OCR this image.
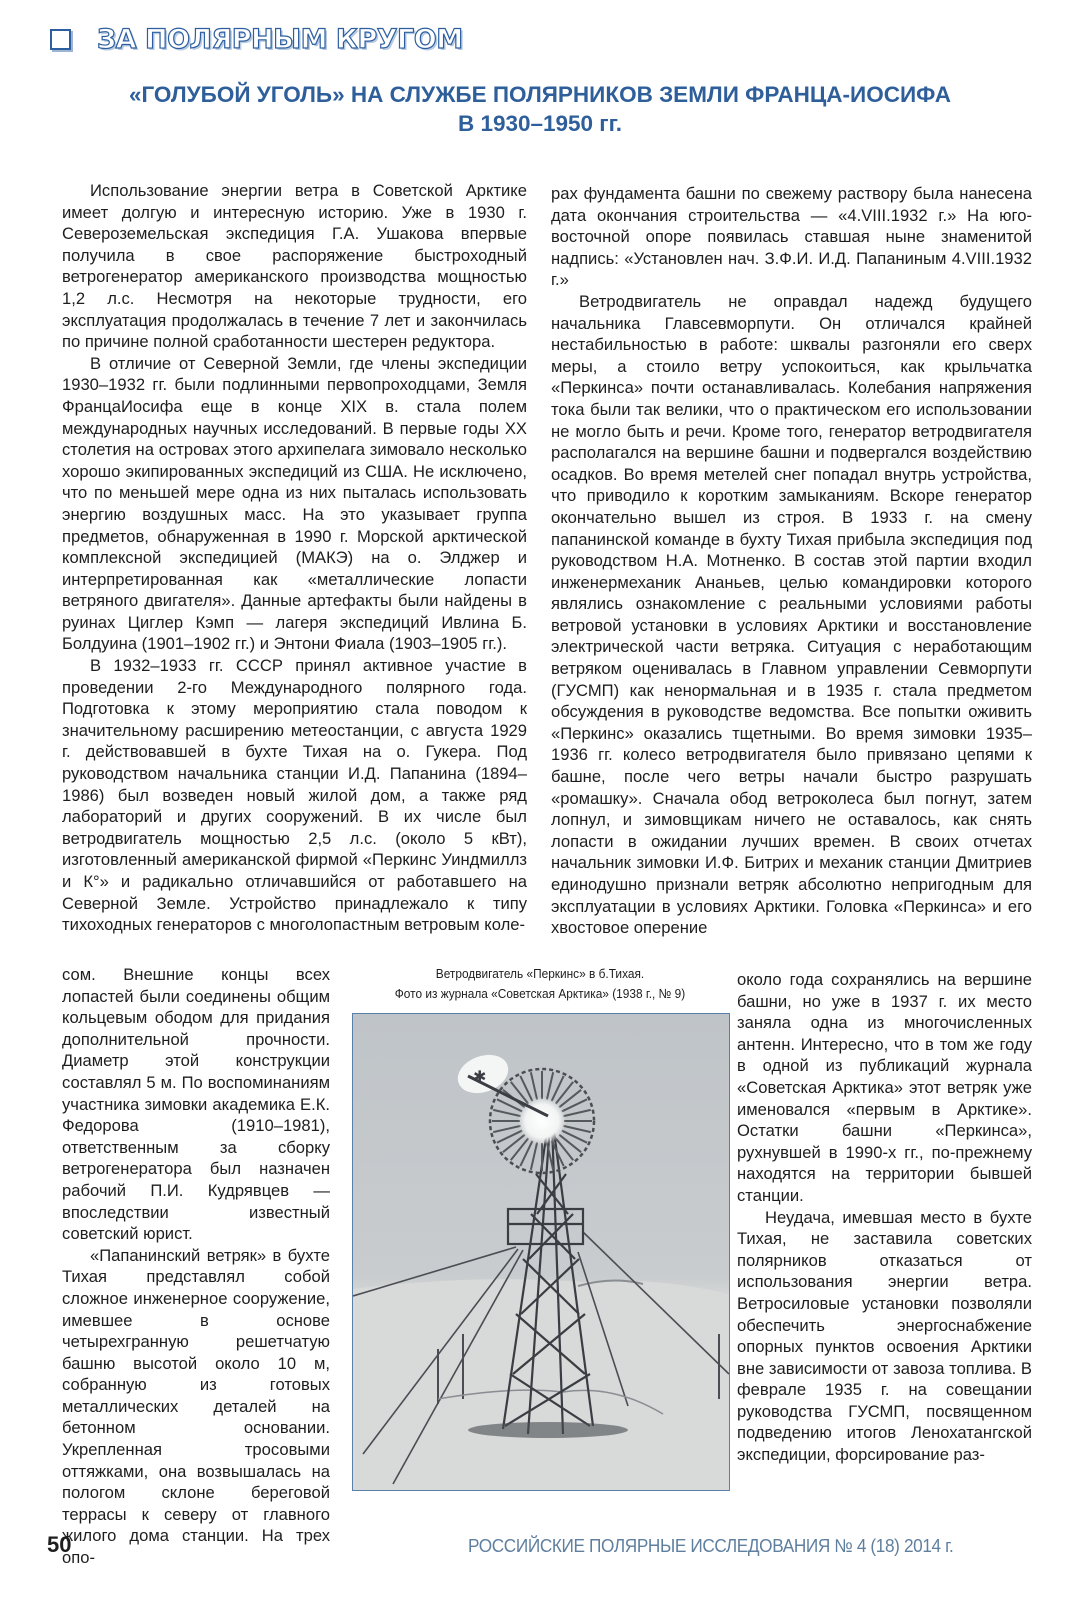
ЗА ПОЛЯРНЫМ КРУГОМ
«ГОЛУБОЙ УГОЛЬ» НА СЛУЖБЕ ПОЛЯРНИКОВ ЗЕМЛИ ФРАНЦА-ИОСИФА
В 1930–1950 гг.

Использование энергии ветра в Советской Арктике имеет долгую и интересную историю. Уже в 1930 г. Североземельская экспедиция Г.А. Ушакова впервые получила в свое распоряжение быстроходный ветрогенератор американского производства мощностью 1,2 л.с. Несмотря на некоторые трудности, его эксплуатация продолжалась в течение 7 лет и закончилась по причине полной сработанности шестерен редуктора.

В отличие от Северной Земли, где члены экспедиции 1930–1932 гг. были подлинными первопроходцами, Земля ФранцаИосифа еще в конце XIX в. стала полем международных научных исследований. В первые годы XX столетия на островах этого архипелага зимовало несколько хорошо экипированных экспедиций из США. Не исключено, что по меньшей мере одна из них пыталась использовать энергию воздушных масс. На это указывает группа предметов, обнаруженная в 1990 г. Морской арктической комплексной экспедицией (МАКЭ) на о. Элджер и интерпретированная как «металлические лопасти ветряного двигателя». Данные артефакты были найдены в руинах Циглер Кэмп — лагеря экспедиций Ивлина Б. Болдуина (1901–1902 гг.) и Энтони Фиала (1903–1905 гг.).

В 1932–1933 гг. СССР принял активное участие в проведении 2-го Международного полярного года. Подготовка к этому мероприятию стала поводом к значительному расширению метеостанции, с августа 1929 г. действовавшей в бухте Тихая на о. Гукера. Под руководством начальника станции И.Д. Папанина (1894–1986) был возведен новый жилой дом, а также ряд лабораторий и других сооружений. В их числе был ветродвигатель мощностью 2,5 л.с. (около 5 кВт), изготовленный американской фирмой «Перкинс Уиндмиллз и К°» и радикально отличавшийся от работавшего на Северной Земле. Устройство принадлежало к типу тихоходных генераторов с многолопастным ветровым коле-

сом. Внешние концы всех лопастей были соединены общим кольцевым ободом для придания дополнительной прочности. Диаметр этой конструкции составлял 5 м. По воспоминаниям участника зимовки академика Е.К. Федорова (1910–1981), ответственным за сборку ветрогенератора был назначен рабочий П.И. Кудрявцев — впоследствии известный советский юрист.

«Папанинский ветряк» в бухте Тихая представлял собой сложное инженерное сооружение, имевшее в основе четырехгранную решетчатую башню высотой около 10 м, собранную из готовых металлических деталей на бетонном основании. Укрепленная тросовыми оттяжками, она возвышалась на пологом склоне береговой террасы к северу от главного жилого дома станции. На трех опо-

рах фундамента башни по свежему раствору была нанесена дата окончания строительства — «4.VIII.1932 г.» На юго-восточной опоре появилась ставшая ныне знаменитой надпись: «Установлен нач. З.Ф.И. И.Д. Папаниным 4.VIII.1932 г.»

Ветродвигатель не оправдал надежд будущего начальника Главсевморпути. Он отличался крайней нестабильностью в работе: шквалы разгоняли его сверх меры, а стоило ветру успокоиться, как крыльчатка «Перкинса» почти останавливалась. Колебания напряжения тока были так велики, что о практическом его использовании не могло быть и речи. Кроме того, генератор ветродвигателя располагался на вершине башни и подвергался воздействию осадков. Во время метелей снег попадал внутрь устройства, что приводило к коротким замыканиям. Вскоре генератор окончательно вышел из строя. В 1933 г. на смену папанинской команде в бухту Тихая прибыла экспедиция под руководством Н.А. Мотненко. В состав этой партии входил инженермеханик Ананьев, целью командировки которого являлись ознакомление с реальными условиями работы ветровой установки в условиях Арктики и восстановление электрической части ветряка. Ситуация с неработающим ветряком оценивалась в Главном управлении Севморпути (ГУСМП) как ненормальная и в 1935 г. стала предметом обсуждения в руководстве ведомства. Все попытки оживить «Перкинс» оказались тщетными. Во время зимовки 1935–1936 гг. колесо ветродвигателя было привязано цепями к башне, после чего ветры начали быстро разрушать «ромашку». Сначала обод ветроколеса был погнут, затем лопнул, и зимовщикам ничего не оставалось, как снять лопасти в ожидании лучших времен. В своих отчетах начальник зимовки И.Ф. Битрих и механик станции Дмитриев единодушно признали ветряк абсолютно непригодным для эксплуатации в условиях Арктики. Головка «Перкинса» и его хвостовое оперение

около года сохранялись на вершине башни, но уже в 1937 г. их место заняла одна из многочисленных антенн. Интересно, что в том же году в одной из публикаций журнала «Советская Арктика» этот ветряк уже именовался «первым в Арктике». Остатки башни «Перкинса», рухнувшей в 1990-х гг., по-прежнему находятся на территории бывшей станции.

Неудача, имевшая место в бухте Тихая, не заставила советских полярников отказаться от использования энергии ветра. Ветросиловые установки позволяли обеспечить энергоснабжение опорных пунктов освоения Арктики вне зависимости от завоза топлива. В феврале 1935 г. на совещании руководства ГУСМП, посвященном подведению итогов Ленохатангской экспедиции, форсирование раз-

Ветродвигатель «Перкинс» в б.Тихая.
Фото из журнала «Советская Арктика» (1938 г., № 9)
✱
50	РОССИЙСКИЕ ПОЛЯРНЫЕ ИССЛЕДОВАНИЯ № 4 (18) 2014 г.
